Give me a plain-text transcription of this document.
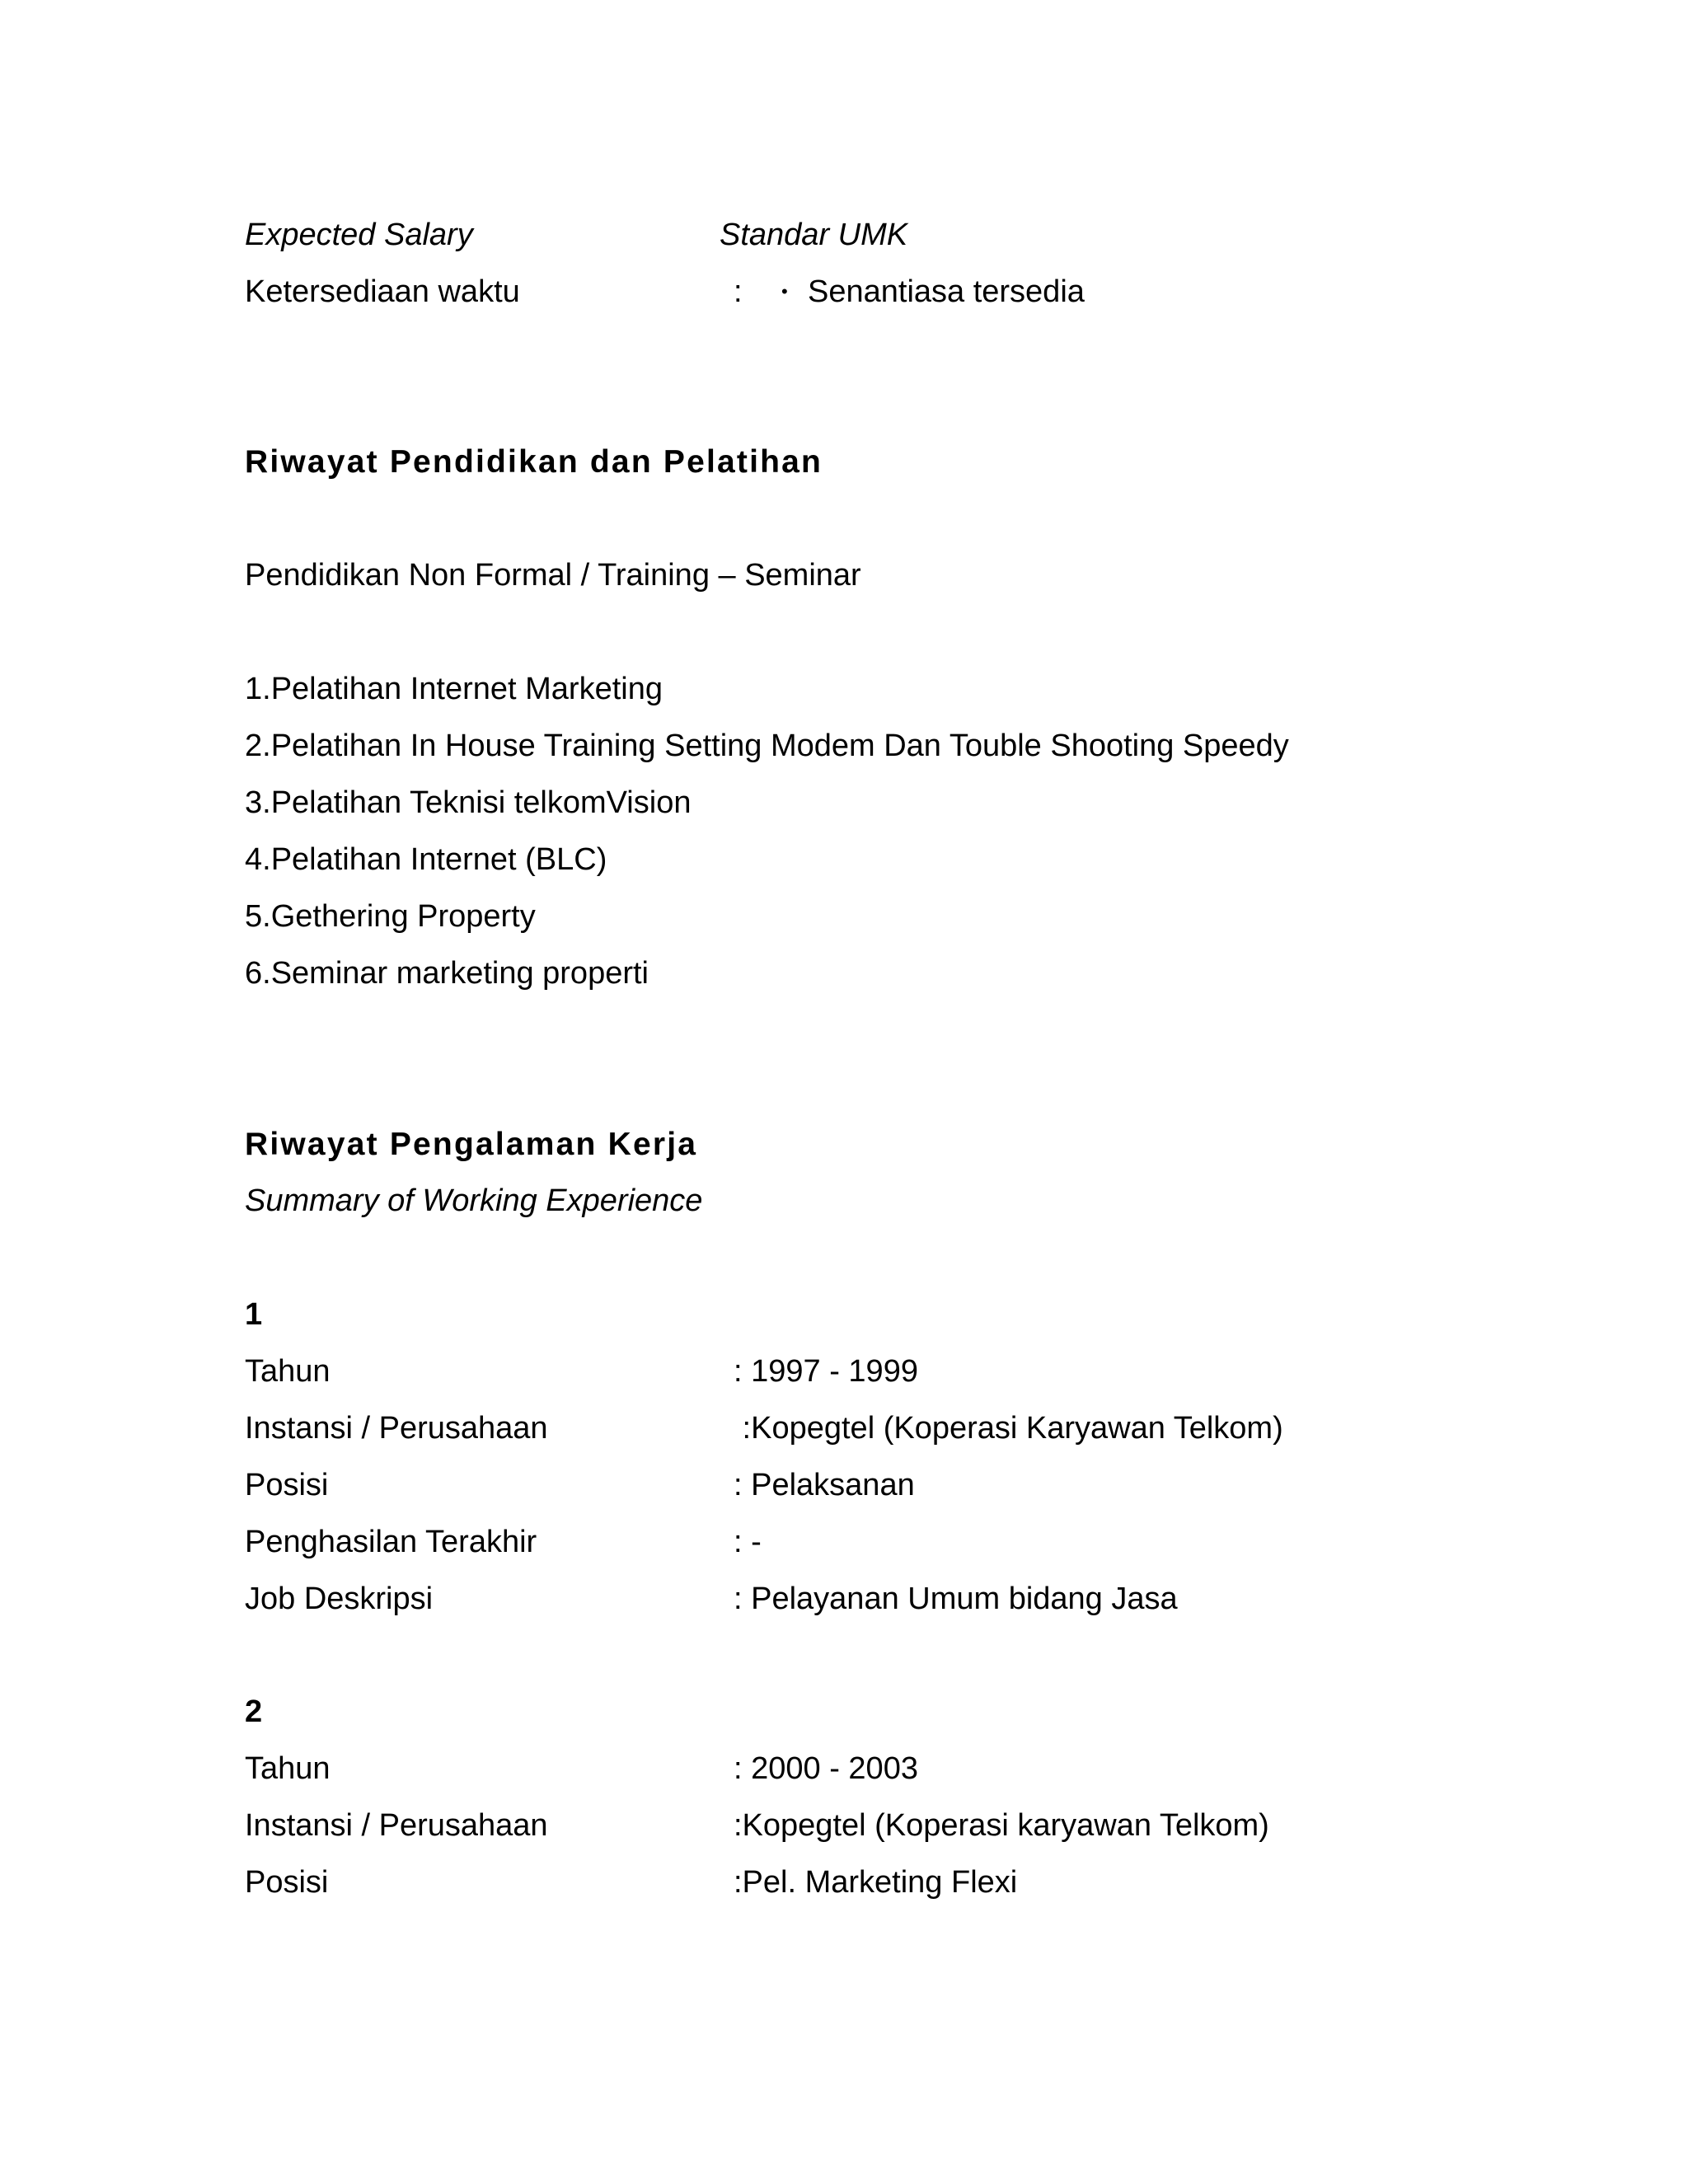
Expected Salary	Standar UMK
Ketersediaan waktu	: • Senantiasa tersedia
Riwayat Pendidikan dan Pelatihan
Pendidikan Non Formal / Training – Seminar
1.Pelatihan Internet Marketing
2.Pelatihan In House Training Setting Modem Dan Touble Shooting Speedy
3.Pelatihan Teknisi telkomVision
4.Pelatihan Internet (BLC)
5.Gethering Property
6.Seminar marketing properti
Riwayat Pengalaman Kerja
Summary of Working Experience
1
Tahun	: 1997 - 1999
Instansi / Perusahaan	:Kopegtel (Koperasi Karyawan Telkom)
Posisi	: Pelaksanan
Penghasilan Terakhir	: -
Job Deskripsi	: Pelayanan Umum bidang Jasa
2
Tahun	: 2000 - 2003
Instansi / Perusahaan	:Kopegtel (Koperasi karyawan Telkom)
Posisi	:Pel. Marketing Flexi
